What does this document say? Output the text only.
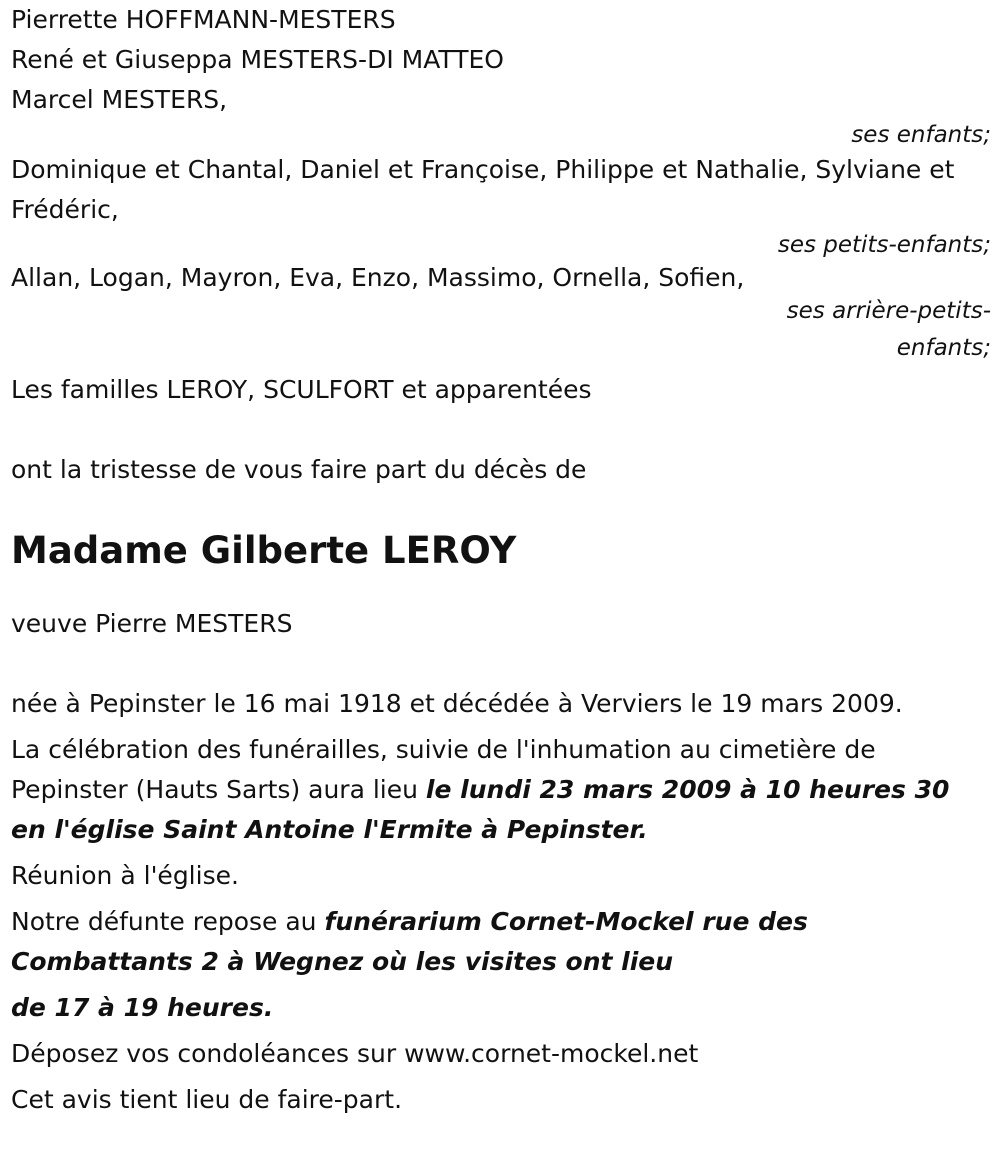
Pierrette HOFFMANN-MESTERS
René et Giuseppa MESTERS-DI MATTEO
Marcel MESTERS,
ses enfants;
Dominique et Chantal, Daniel et Françoise, Philippe et Nathalie, Sylviane et Frédéric,
ses petits-enfants;
Allan, Logan, Mayron, Eva, Enzo, Massimo, Ornella, Sofien,
ses arrière-petits-
enfants;
Les familles LEROY, SCULFORT et apparentées
ont la tristesse de vous faire part du décès de
Madame Gilberte LEROY
veuve Pierre MESTERS
née à Pepinster le 16 mai 1918 et décédée à Verviers le 19 mars 2009.
La célébration des funérailles, suivie de l'inhumation au cimetière de Pepinster (Hauts Sarts) aura lieu le lundi 23 mars 2009 à 10 heures 30 en l'église Saint Antoine l'Ermite à Pepinster.
Réunion à l'église.
Notre défunte repose au funérarium Cornet-Mockel rue des Combattants 2 à Wegnez où les visites ont lieu
de 17 à 19 heures.
Déposez vos condoléances sur www.cornet-mockel.net
Cet avis tient lieu de faire-part.
